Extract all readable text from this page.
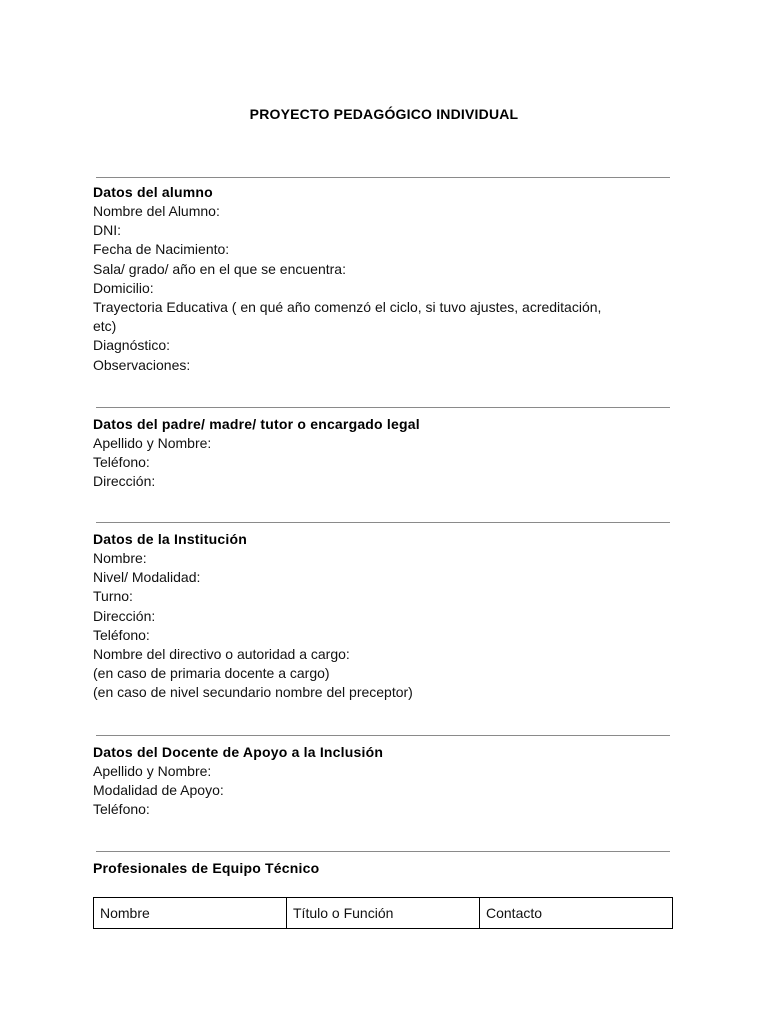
PROYECTO PEDAGÓGICO INDIVIDUAL

Datos del alumno

Nombre del Alumno:

DNI:

Fecha de Nacimiento:

Sala/ grado/ año en el que se encuentra:

Domicilio:

Trayectoria Educativa ( en qué año comenzó el ciclo, si tuvo ajustes, acreditación,

etc)

Diagnóstico:

Observaciones:

Datos del padre/ madre/ tutor o encargado legal

Apellido y Nombre:

Teléfono:

Dirección:

Datos de la Institución

Nombre:

Nivel/ Modalidad:

Turno:

Dirección:

Teléfono:

Nombre del directivo o autoridad a cargo:

(en caso de primaria docente a cargo)

(en caso de nivel secundario nombre del preceptor)

Datos del Docente de Apoyo a la Inclusión

Apellido y Nombre:

Modalidad de Apoyo:

Teléfono:

Profesionales de Equipo Técnico

Nombre	Título o Función	Contacto
